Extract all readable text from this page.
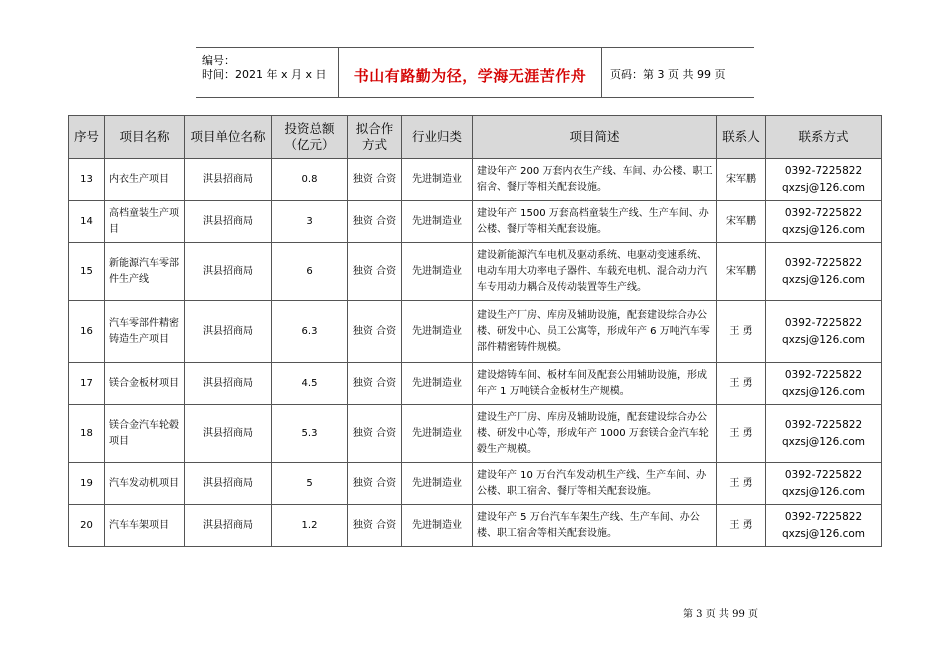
编号：
时间：2021 年 x 月 x 日	书山有路勤为径，学海无涯苦作舟	页码：第 3 页 共 99 页
序号	项目名称	项目单位名称	投资总额
（亿元）	拟合作
方式	行业归类	项目简述	联系人	联系方式
13	内衣生产项目	淇县招商局	0.8	独资 合资	先进制造业	建设年产 200 万套内衣生产线、车间、办公楼、职工宿舍、餐厅等相关配套设施。	宋军鹏	0392-7225822
qxzsj@126.com

14	高档童装生产项目	淇县招商局	3	独资 合资	先进制造业	建设年产 1500 万套高档童装生产线、生产车间、办公楼、餐厅等相关配套设施。	宋军鹏	0392-7225822
qxzsj@126.com

15	新能源汽车零部件生产线	淇县招商局	6	独资 合资	先进制造业	建设新能源汽车电机及驱动系统、电驱动变速系统、电动车用大功率电子器件、车载充电机、混合动力汽车专用动力耦合及传动装置等生产线。	宋军鹏	0392-7225822
qxzsj@126.com

16	汽车零部件精密铸造生产项目	淇县招商局	6.3	独资 合资	先进制造业	建设生产厂房、库房及辅助设施，配套建设综合办公楼、研发中心、员工公寓等，形成年产 6 万吨汽车零部件精密铸件规模。	王 勇	0392-7225822
qxzsj@126.com

17	镁合金板材项目	淇县招商局	4.5	独资 合资	先进制造业	建设熔铸车间、板材车间及配套公用辅助设施，形成年产 1 万吨镁合金板材生产规模。	王 勇	0392-7225822
qxzsj@126.com

18	镁合金汽车轮毂项目	淇县招商局	5.3	独资 合资	先进制造业	建设生产厂房、库房及辅助设施，配套建设综合办公楼、研发中心等，形成年产 1000 万套镁合金汽车轮毂生产规模。	王 勇	0392-7225822
qxzsj@126.com

19	汽车发动机项目	淇县招商局	5	独资 合资	先进制造业	建设年产 10 万台汽车发动机生产线、生产车间、办公楼、职工宿舍、餐厅等相关配套设施。	王 勇	0392-7225822
qxzsj@126.com

20	汽车车架项目	淇县招商局	1.2	独资 合资	先进制造业	建设年产 5 万台汽车车架生产线、生产车间、办公楼、职工宿舍等相关配套设施。	王 勇	0392-7225822
qxzsj@126.com
第 3 页 共 99 页
